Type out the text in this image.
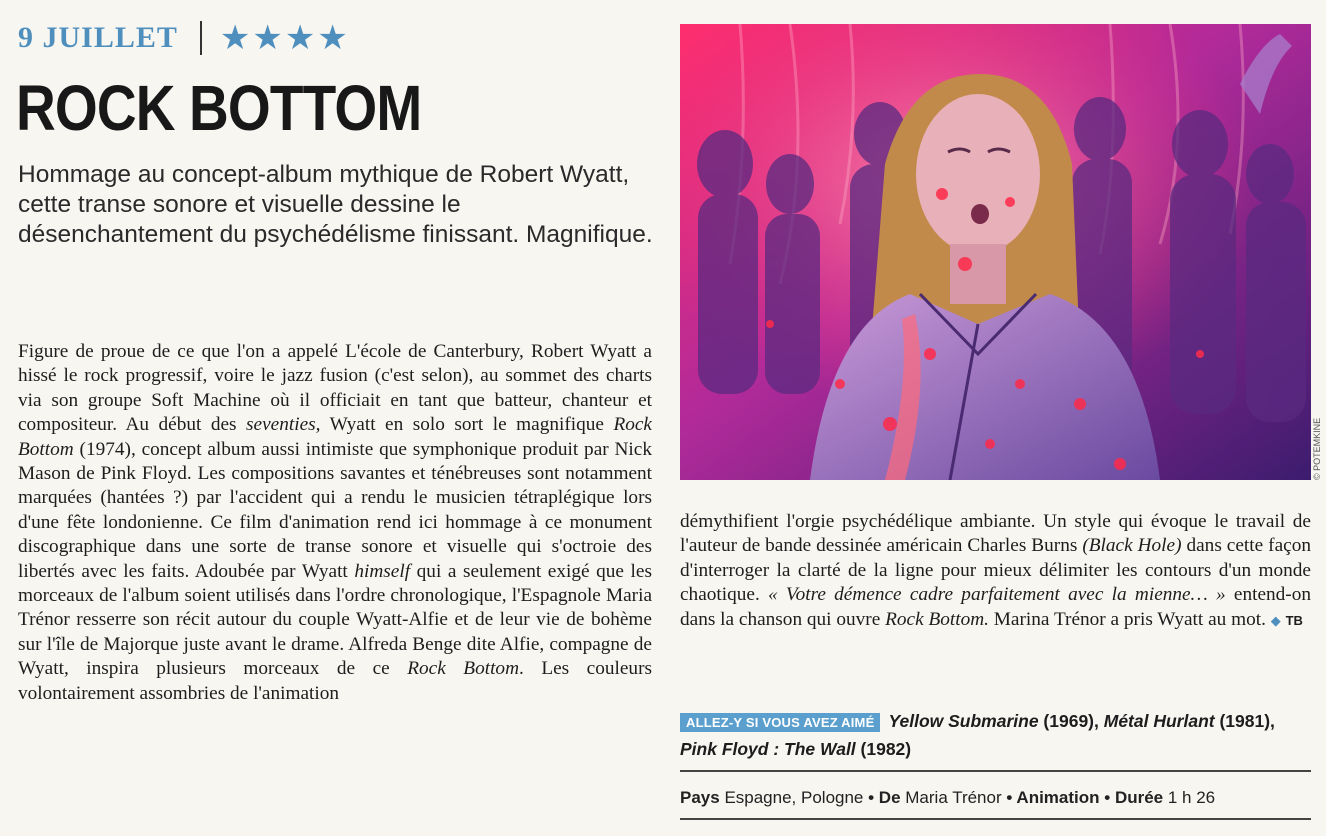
9 JUILLET ★★★★
ROCK BOTTOM
Hommage au concept-album mythique de Robert Wyatt, cette transe sonore et visuelle dessine le désenchantement du psychédélisme finissant. Magnifique.
Figure de proue de ce que l'on a appelé L'école de Canterbury, Robert Wyatt a hissé le rock progressif, voire le jazz fusion (c'est selon), au sommet des charts via son groupe Soft Machine où il officiait en tant que batteur, chanteur et compositeur. Au début des seventies, Wyatt en solo sort le magnifique Rock Bottom (1974), concept album aussi intimiste que symphonique produit par Nick Mason de Pink Floyd. Les compositions savantes et ténébreuses sont notamment marquées (hantées ?) par l'accident qui a rendu le musicien tétraplégique lors d'une fête londonienne. Ce film d'animation rend ici hommage à ce monument discographique dans une sorte de transe sonore et visuelle qui s'octroie des libertés avec les faits. Adoubée par Wyatt himself qui a seulement exigé que les morceaux de l'album soient utilisés dans l'ordre chronologique, l'Espagnole Maria Trénor resserre son récit autour du couple Wyatt-Alfie et de leur vie de bohème sur l'île de Majorque juste avant le drame. Alfreda Benge dite Alfie, compagne de Wyatt, inspira plusieurs morceaux de ce Rock Bottom. Les couleurs volontairement assombries de l'animation
© POTEMKINE
démythifient l'orgie psychédélique ambiante. Un style qui évoque le travail de l'auteur de bande dessinée américain Charles Burns (Black Hole) dans cette façon d'interroger la clarté de la ligne pour mieux délimiter les contours d'un monde chaotique. « Votre démence cadre parfaitement avec la mienne… » entend-on dans la chanson qui ouvre Rock Bottom. Marina Trénor a pris Wyatt au mot. ◆ TB
ALLEZ-Y SI VOUS AVEZ AIMÉ Yellow Submarine (1969), Métal Hurlant (1981), Pink Floyd : The Wall (1982)
Pays Espagne, Pologne • De Maria Trénor • Animation • Durée 1 h 26
